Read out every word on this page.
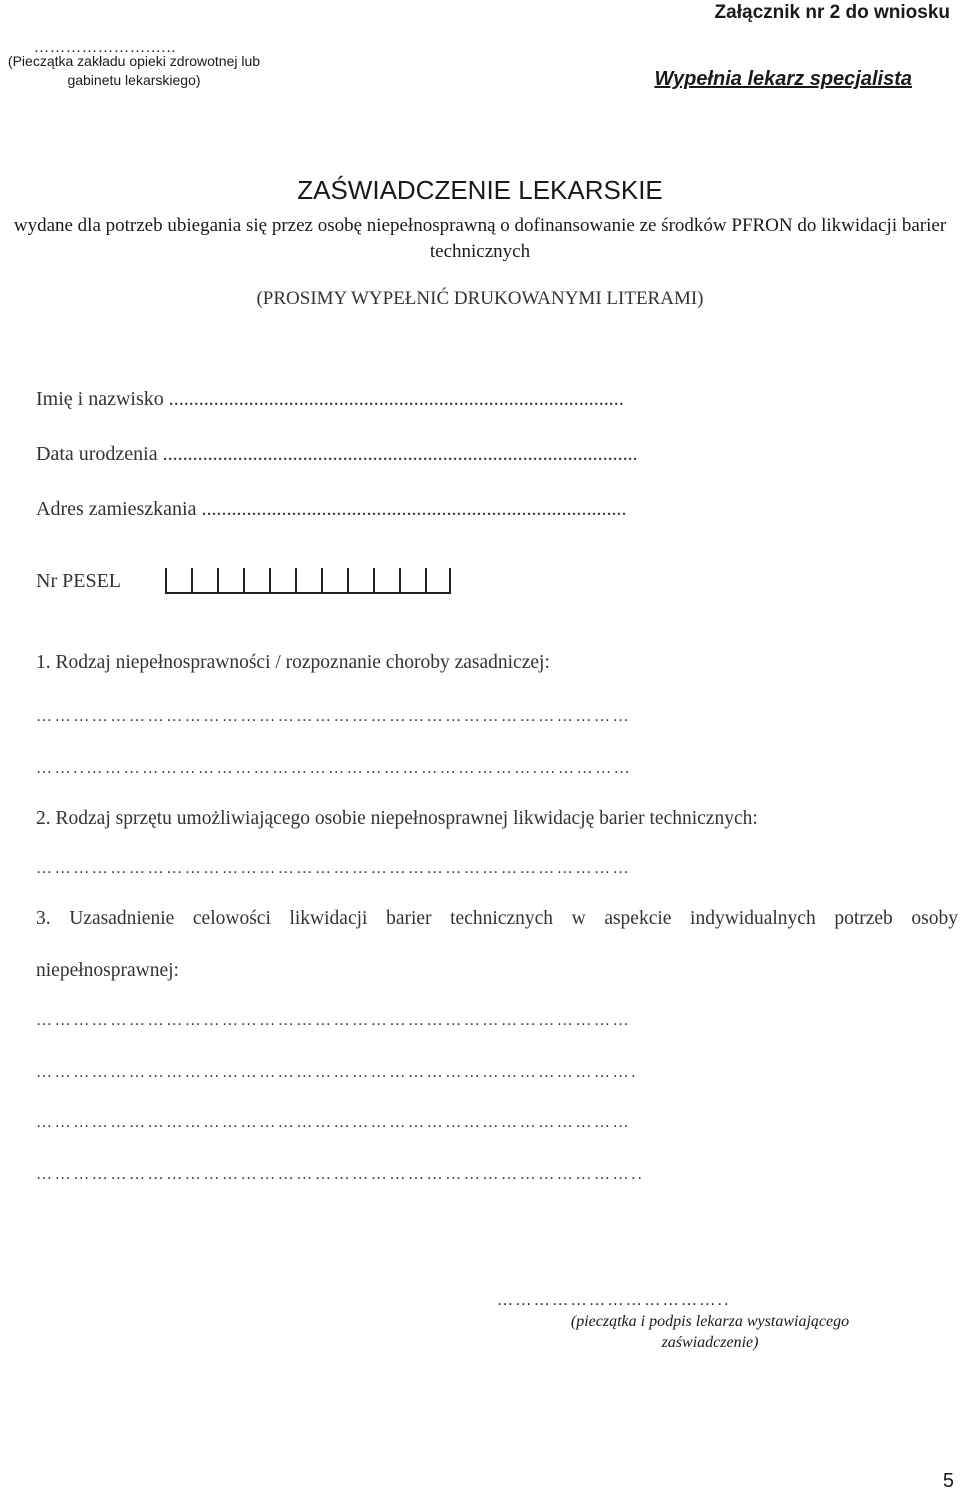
Załącznik nr 2 do wniosku
………………….…..
(Pieczątka zakładu opieki zdrowotnej lub gabinetu lekarskiego)	Wypełnia lekarz specjalista
ZAŚWIADCZENIE LEKARSKIE
wydane dla potrzeb ubiegania się przez osobę niepełnosprawną o dofinansowanie ze środków PFRON do likwidacji barier technicznych
(PROSIMY WYPEŁNIĆ DRUKOWANYMI LITERAMI)
Imię i nazwisko ...........................................................................................
Data urodzenia ...............................................................................................
Adres zamieszkania .....................................................................................
Nr PESEL
1. Rodzaj niepełnosprawności / rozpoznanie choroby zasadniczej:
……………………………………………………………………………………
……..……………………………………………………………….……………
2. Rodzaj sprzętu umożliwiającego osobie niepełnosprawnej likwidację barier technicznych:
……………………………………………………………………………………
3. Uzasadnienie celowości likwidacji barier technicznych w aspekcie indywidualnych potrzeb osoby
niepełnosprawnej:
……………………………………………………………………………………
…………………………………………………………………………………….
……………………………………………………………………………………
……………………………………………………………………………………..
………………………………..
(pieczątka i podpis lekarza wystawiającego zaświadczenie)
5
